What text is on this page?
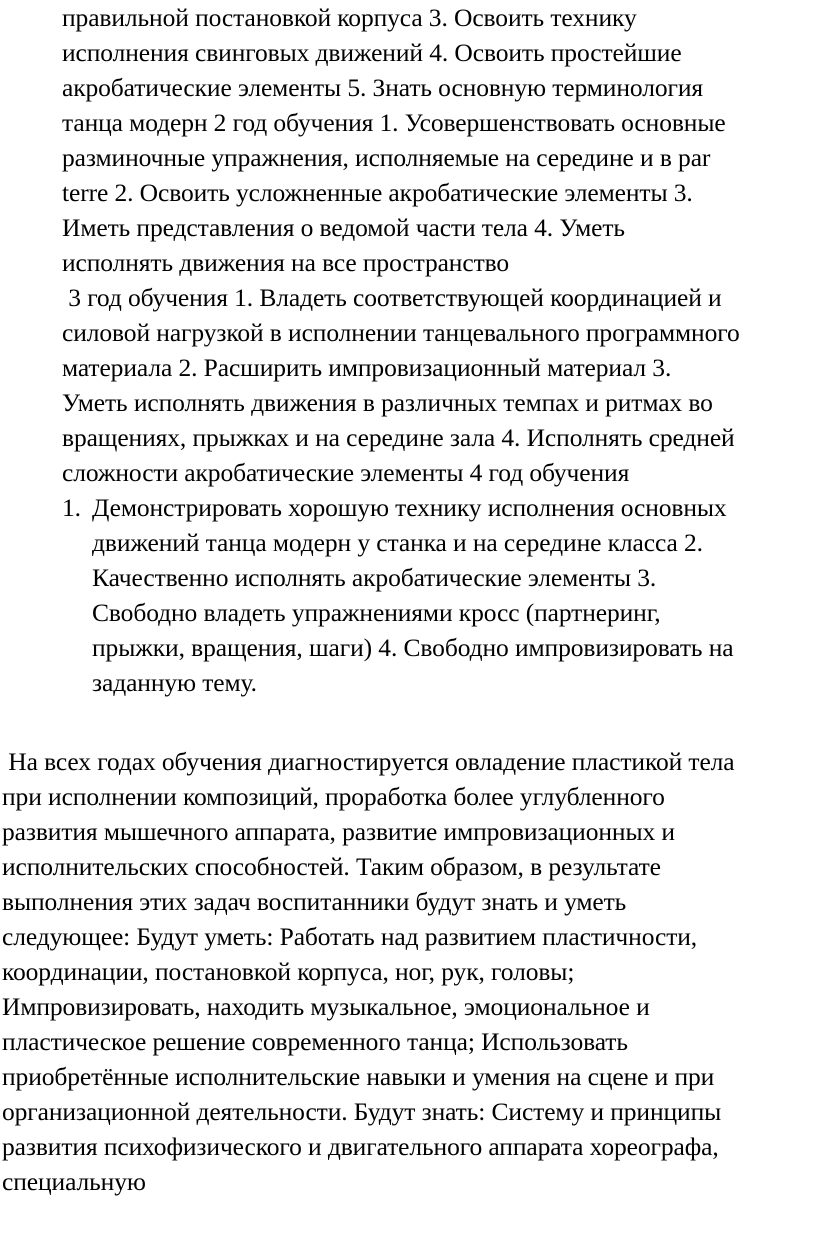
правильной постановкой корпуса 3. Освоить технику
исполнения свинговых движений 4. Освоить простейшие
акробатические элементы 5. Знать основную терминология
танца модерн 2 год обучения 1. Усовершенствовать основные
разминочные упражнения, исполняемые на середине и в par
terre 2. Освоить усложненные акробатические элементы 3.
Иметь представления о ведомой части тела 4. Уметь
исполнять движения на все пространство
3 год обучения 1. Владеть соответствующей координацией и
силовой нагрузкой в исполнении танцевального программного
материала 2. Расширить импровизационный материал 3.
Уметь исполнять движения в различных темпах и ритмах во
вращениях, прыжках и на середине зала 4. Исполнять средней
сложности акробатические элементы 4 год обучения
1. Демонстрировать хорошую технику исполнения основных
движений танца модерн у станка и на середине класса 2.
Качественно исполнять акробатические элементы 3.
Свободно владеть упражнениями кросс (партнеринг,
прыжки, вращения, шаги) 4. Свободно импровизировать на
заданную тему.
На всех годах обучения диагностируется овладение пластикой тела
при исполнении композиций, проработка более углубленного
развития мышечного аппарата, развитие импровизационных и
исполнительских способностей. Таким образом, в результате
выполнения этих задач воспитанники будут знать и уметь
следующее: Будут уметь: Работать над развитием пластичности,
координации, постановкой корпуса, ног, рук, головы;
Импровизировать, находить музыкальное, эмоциональное и
пластическое решение современного танца; Использовать
приобретённые исполнительские навыки и умения на сцене и при
организационной деятельности. Будут знать: Систему и принципы
развития психофизического и двигательного аппарата хореографа,
специальную
